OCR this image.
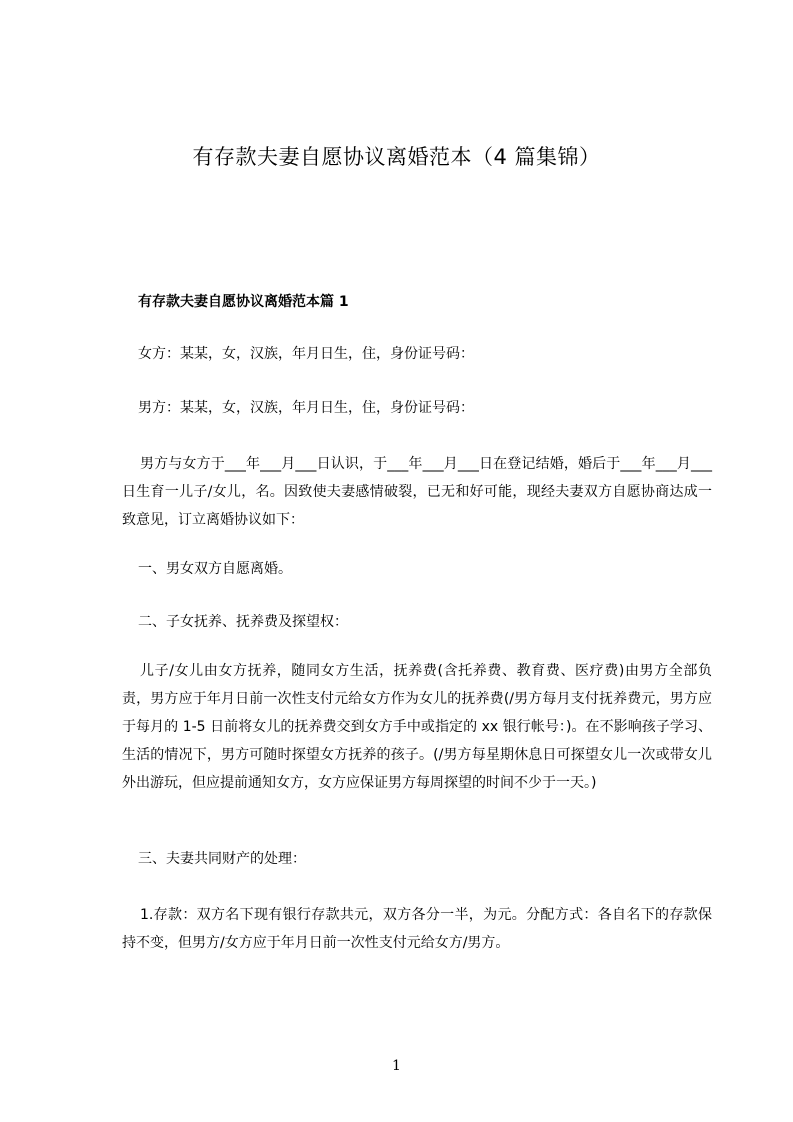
有存款夫妻自愿协议离婚范本（4 篇集锦）
有存款夫妻自愿协议离婚范本篇 1
女方：某某，女，汉族，年月日生，住，身份证号码：
男方：某某，女，汉族，年月日生，住，身份证号码：

男方与女方于___年___月___日认识，于___年___月___日在登记结婚，婚后于___年___月___日生育一儿子/女儿，名。因致使夫妻感情破裂，已无和好可能，现经夫妻双方自愿协商达成一致意见，订立离婚协议如下：

一、男女双方自愿离婚。
二、子女抚养、抚养费及探望权：

儿子/女儿由女方抚养，随同女方生活，抚养费(含托养费、教育费、医疗费)由男方全部负责，男方应于年月日前一次性支付元给女方作为女儿的抚养费(/男方每月支付抚养费元，男方应于每月的 1-5 日前将女儿的抚养费交到女方手中或指定的 xx 银行帐号：)。在不影响孩子学习、生活的情况下，男方可随时探望女方抚养的孩子。(/男方每星期休息日可探望女儿一次或带女儿外出游玩，但应提前通知女方，女方应保证男方每周探望的时间不少于一天。)

三、夫妻共同财产的处理：

1.存款：双方名下现有银行存款共元，双方各分一半，为元。分配方式：各自名下的存款保持不变，但男方/女方应于年月日前一次性支付元给女方/男方。

1
